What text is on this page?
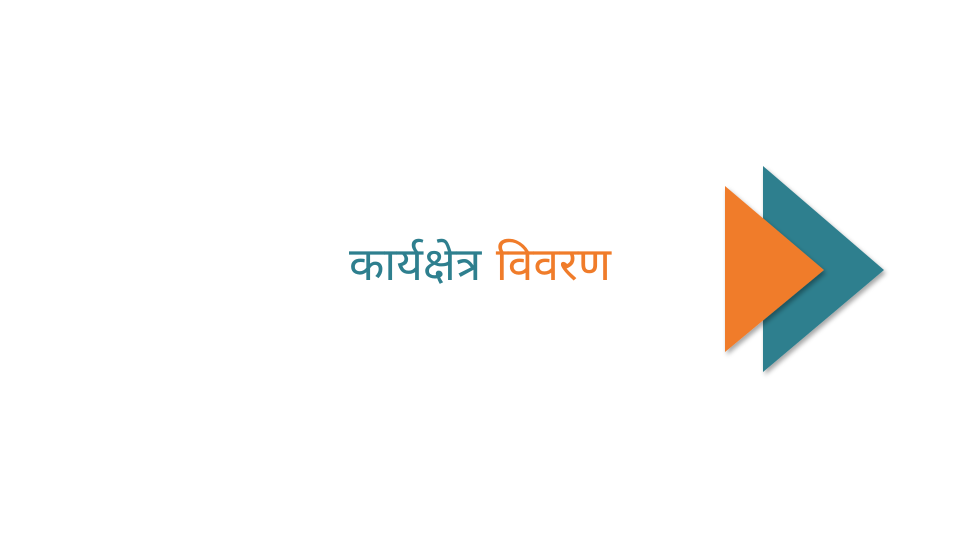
कार्यक्षेत्र विवरण
